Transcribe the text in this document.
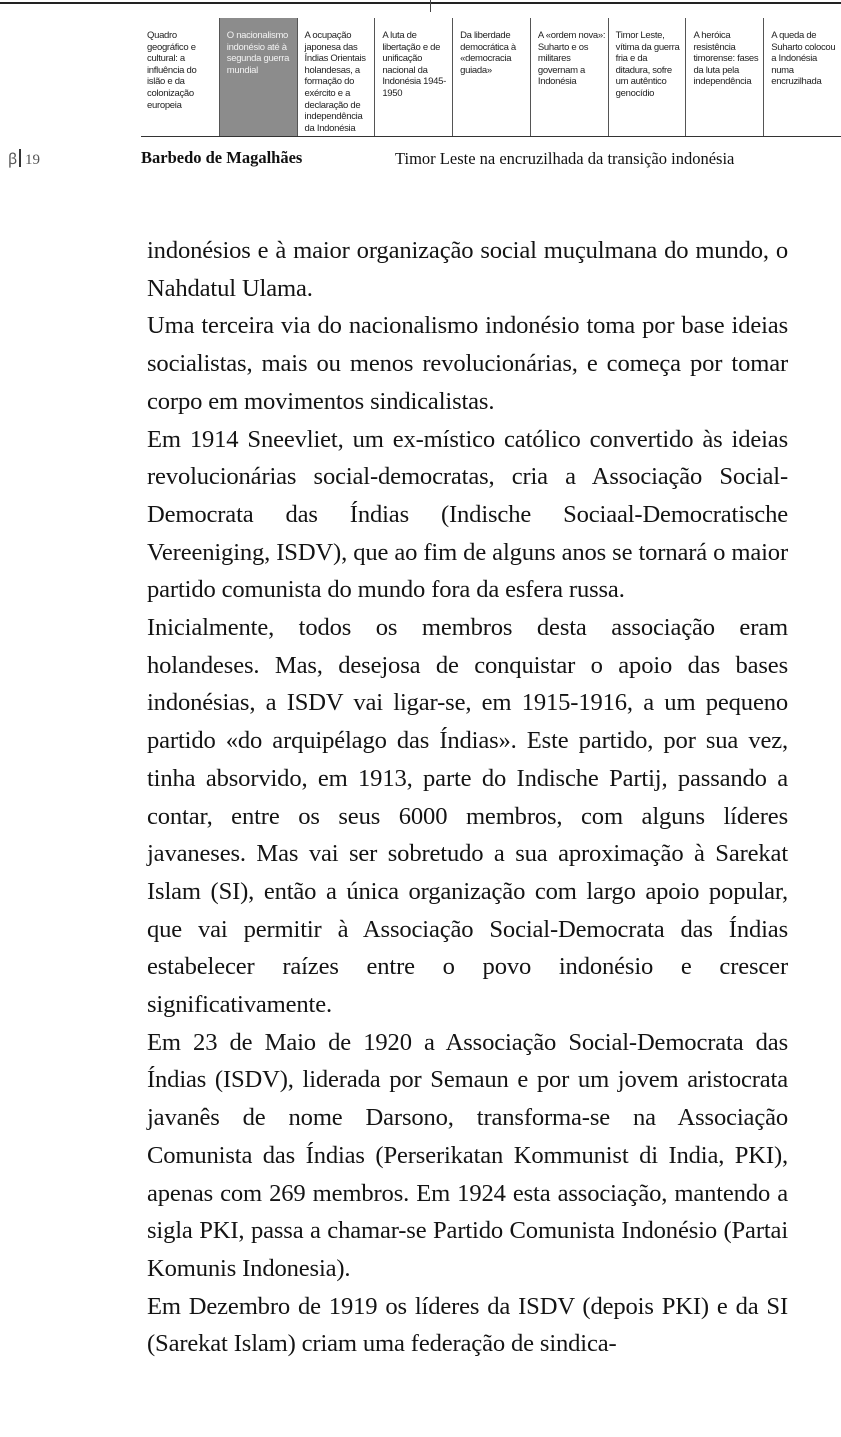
Quadro geográfico e cultural: a influência do islão e da colonização europeia
O nacionalismo indonésio até à segunda guerra mundial
A ocupação japonesa das Índias Orientais holandesas, a formação do exército e a declaração de independência da Indonésia
A luta de libertação e de unificação nacional da Indonésia 1945-1950
Da liberdade democrática à «democracia guiada»
A «ordem nova»: Suharto e os militares governam a Indonésia
Timor Leste, vítima da guerra fria e da ditadura, sofre um autêntico genocídio
A heróica resistência timorense: fases da luta pela independência
A queda de Suharto colocou a Indonésia numa encruzilhada
ꞵ 19	Barbedo de Magalhães	Timor Leste na encruzilhada da transição indonésia

indonésios e à maior organização social muçulmana do mundo, o Nahdatul Ulama.

Uma terceira via do nacionalismo indonésio toma por base ideias socialistas, mais ou menos revolucionárias, e começa por tomar corpo em movimentos sindicalistas.

Em 1914 Sneevliet, um ex-místico católico convertido às ideias revolucionárias social-democratas, cria a Associação Social-Democrata das Índias (Indische Sociaal-Democratische Vereeniging, ISDV), que ao fim de alguns anos se tornará o maior partido comunista do mundo fora da esfera russa.

Inicialmente, todos os membros desta associação eram holandeses. Mas, desejosa de conquistar o apoio das bases indonésias, a ISDV vai ligar-se, em 1915-1916, a um pequeno partido «do arquipélago das Índias». Este partido, por sua vez, tinha absorvido, em 1913, parte do Indische Partij, passando a contar, entre os seus 6000 membros, com alguns líderes javaneses. Mas vai ser sobretudo a sua aproximação à Sarekat Islam (SI), então a única organização com largo apoio popular, que vai permitir à Associação Social-Democrata das Índias estabelecer raízes entre o povo indonésio e crescer significativamente.

Em 23 de Maio de 1920 a Associação Social-Democrata das Índias (ISDV), liderada por Semaun e por um jovem aristocrata javanês de nome Darsono, transforma-se na Associação Comunista das Índias (Perserikatan Kommunist di India, PKI), apenas com 269 membros. Em 1924 esta associação, mantendo a sigla PKI, passa a chamar-se Partido Comunista Indonésio (Partai Komunis Indonesia).

Em Dezembro de 1919 os líderes da ISDV (depois PKI) e da SI (Sarekat Islam) criam uma federação de sindica-
